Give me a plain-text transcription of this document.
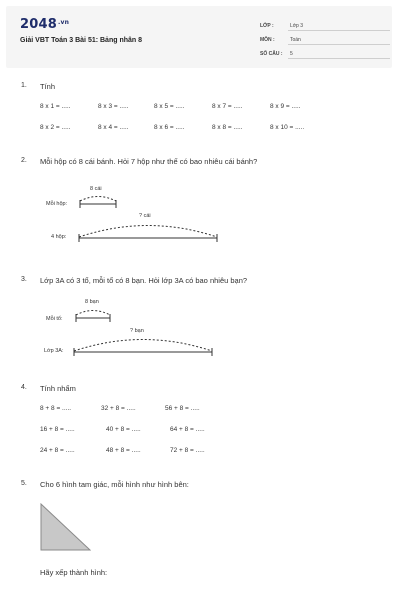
$2048^{.vn}$
Giải VBT Toán 3 Bài 51: Bảng nhân 8
LỚP :	Lớp 3
MÔN :	Toán
SỐ CÂU : 5
1. Tính
8 x 1 = .....	8 x 3 = .....	8 x 5 = .....	8 x 7 = .....	8 x 9 = .....
8 x 2 = .....	8 x 4 = .....	8 x 6 = .....	8 x 8 = .....	8 x 10 = .....
2. Mỗi hộp có 8 cái bánh. Hỏi 7 hộp như thế có bao nhiêu cái bánh?
8 cái
Mỗi hộp:
? cái
4 hộp:
3. Lớp 3A có 3 tổ, mỗi tổ có 8 bạn. Hỏi lớp 3A có bao nhiêu bạn?
8 bạn
Mỗi tổ:
? bạn
Lớp 3A:
4. Tính nhẩm
8 + 8 = .....	32 + 8 = .....	56 + 8 = .....
16 + 8 = .....	40 + 8 = .....	64 + 8 = .....
24 + 8 = .....	48 + 8 = .....	72 + 8 = .....
5. Cho 6 hình tam giác, mỗi hình như hình bên:
Hãy xếp thành hình:
